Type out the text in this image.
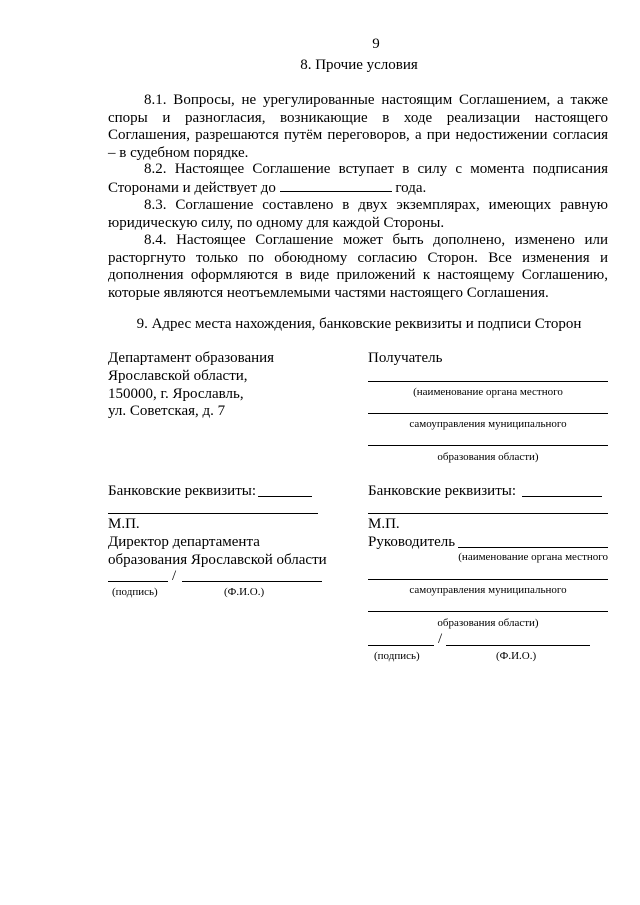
9
8. Прочие условия
8.1. Вопросы, не урегулированные настоящим Соглашением, а также споры и разногласия, возникающие в ходе реализации настоящего Соглашения, разрешаются путём переговоров, а при недостижении согласия – в судебном порядке.
8.2. Настоящее Соглашение вступает в силу с момента подписания Сторонами и действует до	года.
8.3. Соглашение составлено в двух экземплярах, имеющих равную юридическую силу, по одному для каждой Стороны.
8.4. Настоящее Соглашение может быть дополнено, изменено или расторгнуто только по обоюдному согласию Сторон. Все изменения и дополнения оформляются в виде приложений к настоящему Соглашению, которые являются неотъемлемыми частями настоящего Соглашения.
9. Адрес места нахождения, банковские реквизиты и подписи Сторон
Департамент образования
Ярославской области,
150000, г. Ярославль,
ул. Советская, д. 7
Банковские реквизиты:
М.П.
Директор департамента
образования Ярославской области
/
(подпись)	(Ф.И.О.)
Получатель
(наименование органа местного
самоуправления муниципального
образования области)
Банковские реквизиты:
М.П.
Руководитель
(наименование органа местного
самоуправления муниципального
образования области)
/
(подпись)	(Ф.И.О.)
